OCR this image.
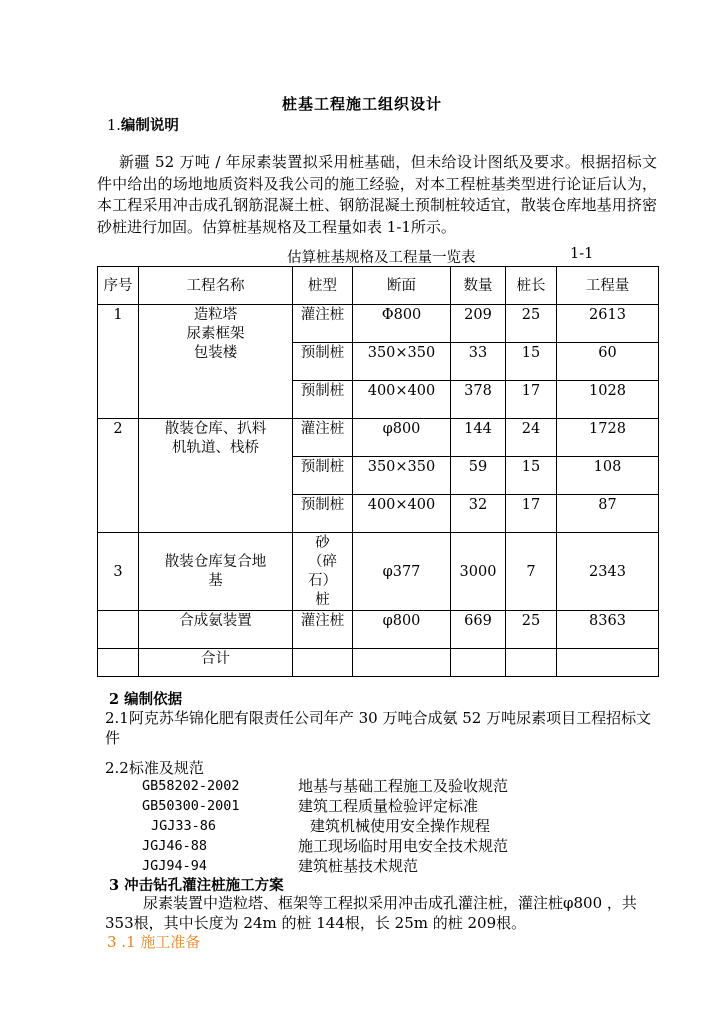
桩基工程施工组织设计
1.编制说明
新疆 52 万吨 / 年尿素装置拟采用桩基础，但未给设计图纸及要求。根据招标文件中给出的场地地质资料及我公司的施工经验，对本工程桩基类型进行论证后认为，本工程采用冲击成孔钢筋混凝土桩、钢筋混凝土预制桩较适宜，散装仓库地基用挤密砂桩进行加固。估算桩基规格及工程量如表 1-1所示。
估算桩基规格及工程量一览表	1-1
序号	工程名称	桩型	断面	数量	桩长	工程量
1	造粒塔
尿素框架
包装楼	灌注桩	Φ800	209	25	2613
		预制桩	350×350	33	15	60
		预制桩	400×400	378	17	1028
2	散装仓库、扒料机轨道、栈桥	灌注桩	φ800	144	24	1728
		预制桩	350×350	59	15	108
		预制桩	400×400	32	17	87
3	散装仓库复合地基	砂（碎石）桩	φ377	3000	7	2343
	合成氨装置	灌注桩	φ800	669	25	8363
	合计					
2 编制依据
2.1阿克苏华锦化肥有限责任公司年产 30 万吨合成氨 52 万吨尿素项目工程招标文件
2.2标准及规范
GB58202-2002	地基与基础工程施工及验收规范
GB50300-2001	建筑工程质量检验评定标准
JGJ33-86	建筑机械使用安全操作规程
JGJ46-88	施工现场临时用电安全技术规范
JGJ94-94	建筑桩基技术规范
3 冲击钻孔灌注桩施工方案
尿素装置中造粒塔、框架等工程拟采用冲击成孔灌注桩，灌注桩φ800 ，共 353根，其中长度为 24m 的桩 144根，长 25m 的桩 209根。
3 .1 施工准备
